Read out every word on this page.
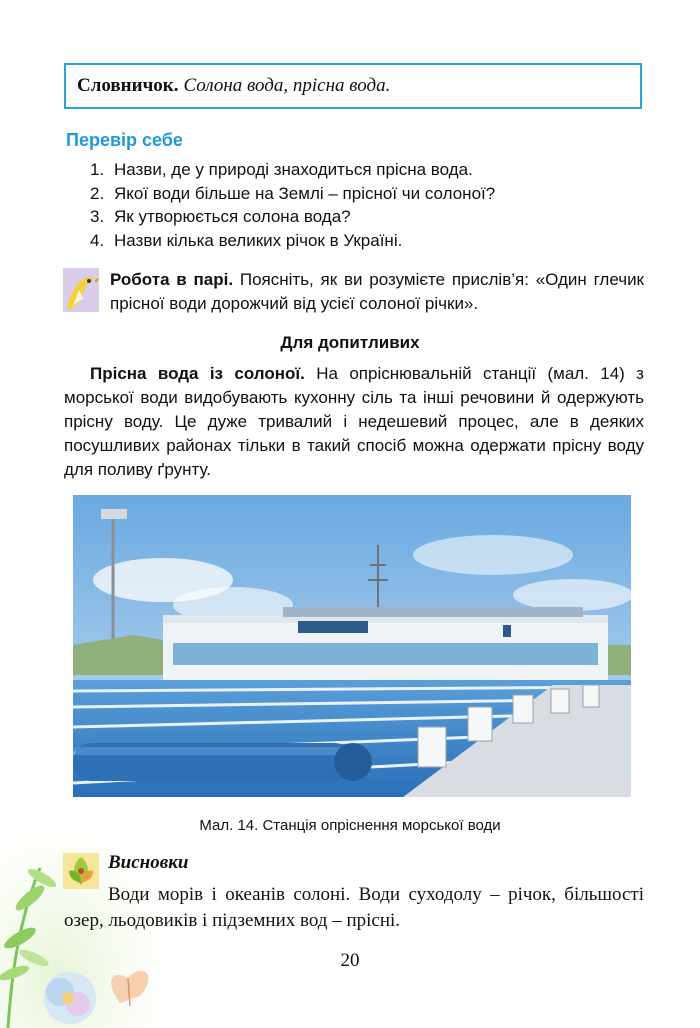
Словничок. Солона вода, прісна вода.
Перевір себе
1. Назви, де у природі знаходиться прісна вода.
2. Якої води більше на Землі – прісної чи солоної?
3. Як утворюється солона вода?
4. Назви кілька великих річок в Україні.
Робота в парі. Поясніть, як ви розумієте прислів’я: «Один глечик прісної води дорожчий від усієї солоної річки».
Для допитливих
Прісна вода із солоної. На опріснювальній станції (мал. 14) з морської води видобувають кухонну сіль та інші речовини й одержують прісну воду. Це дуже тривалий і недешевий процес, але в деяких посушливих районах тільки в такий спосіб можна одержати прісну воду для поливу ґрунту.
Мал. 14. Станція опріснення морської води
Висновки
Води морів і океанів солоні. Води суходолу – річок, більшості озер, льодовиків і підземних вод – прісні.
20
